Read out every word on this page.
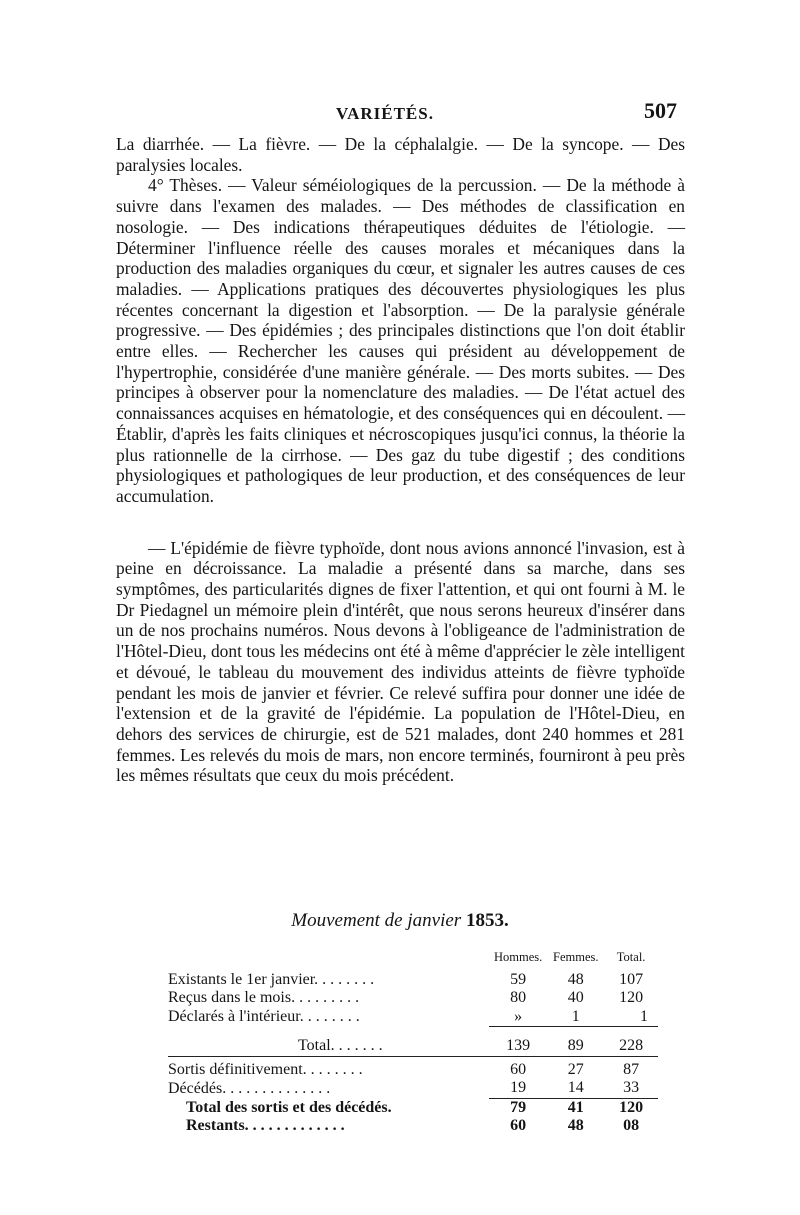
VARIÉTÉS.	507

La diarrhée. — La fièvre. — De la céphalalgie. — De la syncope. — Des paralysies locales.

4° Thèses. — Valeur séméiologiques de la percussion. — De la méthode à suivre dans l'examen des malades. — Des méthodes de classification en nosologie. — Des indications thérapeutiques déduites de l'étiologie. — Déterminer l'influence réelle des causes morales et mécaniques dans la production des maladies organiques du cœur, et signaler les autres causes de ces maladies. — Applications pratiques des découvertes physiologiques les plus récentes concernant la digestion et l'absorption. — De la paralysie générale progressive. — Des épidémies ; des principales distinctions que l'on doit établir entre elles. — Rechercher les causes qui président au développement de l'hypertrophie, considérée d'une manière générale. — Des morts subites. — Des principes à observer pour la nomenclature des maladies. — De l'état actuel des connaissances acquises en hématologie, et des conséquences qui en découlent. — Établir, d'après les faits cliniques et nécroscopiques jusqu'ici connus, la théorie la plus rationnelle de la cirrhose. — Des gaz du tube digestif ; des conditions physiologiques et pathologiques de leur production, et des conséquences de leur accumulation.

— L'épidémie de fièvre typhoïde, dont nous avions annoncé l'invasion, est à peine en décroissance. La maladie a présenté dans sa marche, dans ses symptômes, des particularités dignes de fixer l'attention, et qui ont fourni à M. le Dr Piedagnel un mémoire plein d'intérêt, que nous serons heureux d'insérer dans un de nos prochains numéros. Nous devons à l'obligeance de l'administration de l'Hôtel-Dieu, dont tous les médecins ont été à même d'apprécier le zèle intelligent et dévoué, le tableau du mouvement des individus atteints de fièvre typhoïde pendant les mois de janvier et février. Ce relevé suffira pour donner une idée de l'extension et de la gravité de l'épidémie. La population de l'Hôtel-Dieu, en dehors des services de chirurgie, est de 521 malades, dont 240 hommes et 281 femmes. Les relevés du mois de mars, non encore terminés, fourniront à peu près les mêmes résultats que ceux du mois précédent.

Mouvement de janvier 1853.
	Hommes.	Femmes.	Total.
Existants le 1er janvier. . . . . . . .	59	48	107
Reçus dans le mois. . . . . . . . .	80	40	120
Déclarés à l'intérieur. . . . . . . .	»	1	1

Total. . . . . . .	139	89	228

Sortis définitivement. . . . . . . .	60	27	87
Décédés. . . . . . . . . . . . . .	19	14	33
Total des sortis et des décédés.	79	41	120
Restants. . . . . . . . . . . . .	60	48	08
